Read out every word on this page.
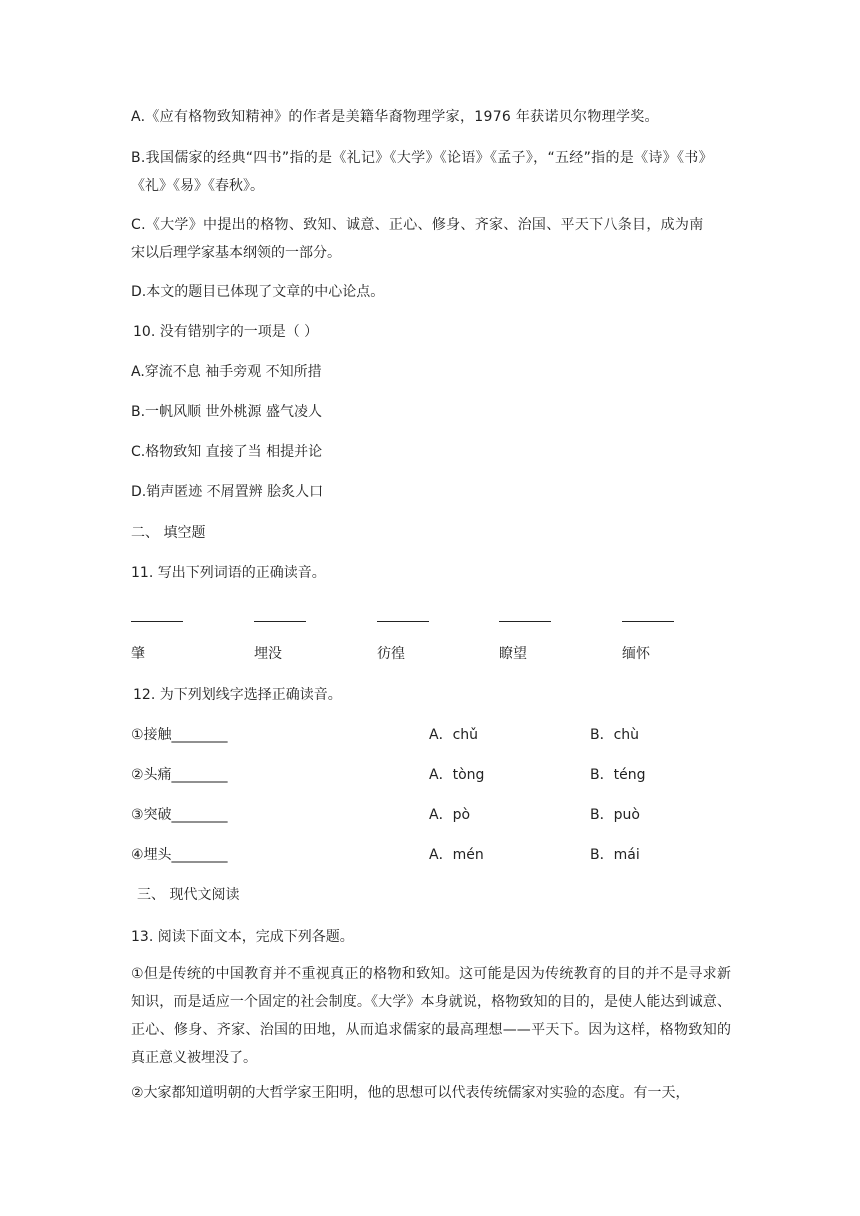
A.《应有格物致知精神》的作者是美籍华裔物理学家，1976 年获诺贝尔物理学奖。
B.我国儒家的经典“四书”指的是《礼记》《大学》《论语》《孟子》，“五经”指的是《诗》《书》
《礼》《易》《春秋》。
C.《大学》中提出的格物、致知、诚意、正心、修身、齐家、治国、平天下八条目，成为南
宋以后理学家基本纲领的一部分。
D.本文的题目已体现了文章的中心论点。
10. 没有错别字的一项是（ ）
A.穿流不息 袖手旁观 不知所措
B.一帆风顺 世外桃源 盛气凌人
C.格物致知 直接了当 相提并论
D.销声匿迹 不屑置辨 脍炙人口
二、 填空题
11. 写出下列词语的正确读音。
肇	埋没	彷徨	瞭望	缅怀
12. 为下列划线字选择正确读音。
①接触________	A．chǔ	B．chù
②头痛________	A．tòng	B．téng
③突破________	A．pò	B．può
④埋头________	A．mén	B．mái
三、 现代文阅读
13. 阅读下面文本，完成下列各题。
①但是传统的中国教育并不重视真正的格物和致知。这可能是因为传统教育的目的并不是寻求新知识，而是适应一个固定的社会制度。《大学》本身就说，格物致知的目的，是使人能达到诚意、正心、修身、齐家、治国的田地，从而追求儒家的最高理想——平天下。因为这样，格物致知的真正意义被埋没了。
②大家都知道明朝的大哲学家王阳明，他的思想可以代表传统儒家对实验的态度。有一天，
